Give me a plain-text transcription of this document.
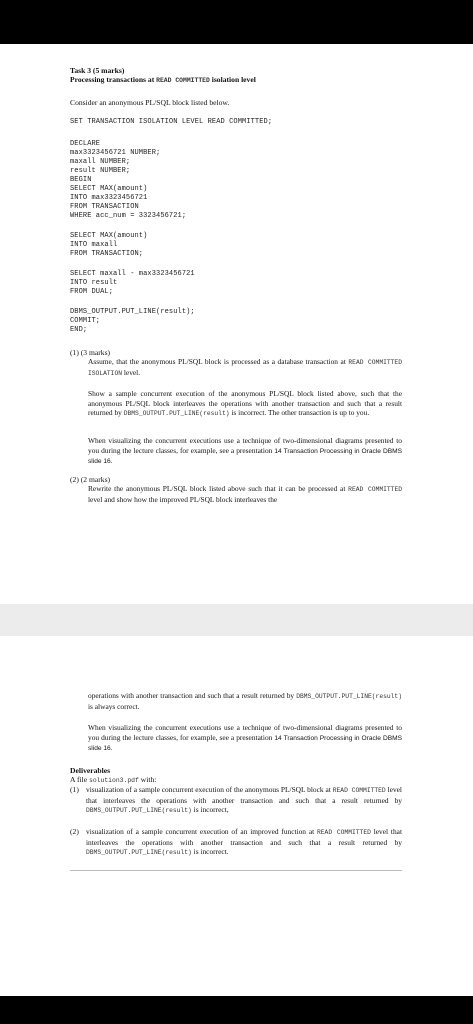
Task 3 (5 marks)
Processing transactions at READ COMMITTED isolation level
Consider an anonymous PL/SQL block listed below.
SET TRANSACTION ISOLATION LEVEL READ COMMITTED;
DECLARE
max3323456721 NUMBER;
maxall NUMBER;
result NUMBER;
BEGIN
SELECT MAX(amount)
INTO max3323456721
FROM TRANSACTION
WHERE acc_num = 3323456721;
SELECT MAX(amount)
INTO maxall
FROM TRANSACTION;
SELECT maxall - max3323456721
INTO result
FROM DUAL;
DBMS_OUTPUT.PUT_LINE(result);
COMMIT;
END;
(1) (3 marks)
Assume, that the anonymous PL/SQL block is processed as a database transaction at READ COMMITTED ISOLATION level.
Show a sample concurrent execution of the anonymous PL/SQL block listed above, such that the anonymous PL/SQL block interleaves the operations with another transaction and such that a result returned by DBMS_OUTPUT.PUT_LINE(result) is incorrect. The other transaction is up to you.
When visualizing the concurrent executions use a technique of two-dimensional diagrams presented to you during the lecture classes, for example, see a presentation 14 Transaction Processing in Oracle DBMS slide 16.
(2) (2 marks)
Rewrite the anonymous PL/SQL block listed above such that it can be processed at READ COMMITTED level and show how the improved PL/SQL block interleaves the
operations with another transaction and such that a result returned by DBMS_OUTPUT.PUT_LINE(result) is always correct.
When visualizing the concurrent executions use a technique of two-dimensional diagrams presented to you during the lecture classes, for example, see a presentation 14 Transaction Processing in Oracle DBMS slide 16.
Deliverables
A file solution3.pdf with:
(1) visualization of a sample concurrent execution of the anonymous PL/SQL block at READ COMMITTED level that interleaves the operations with another transaction and such that a result returned by DBMS_OUTPUT.PUT_LINE(result) is incorrect,
(2) visualization of a sample concurrent execution of an improved function at READ COMMITTED level that interleaves the operations with another transaction and such that a result returned by DBMS_OUTPUT.PUT_LINE(result) is incorrect.
